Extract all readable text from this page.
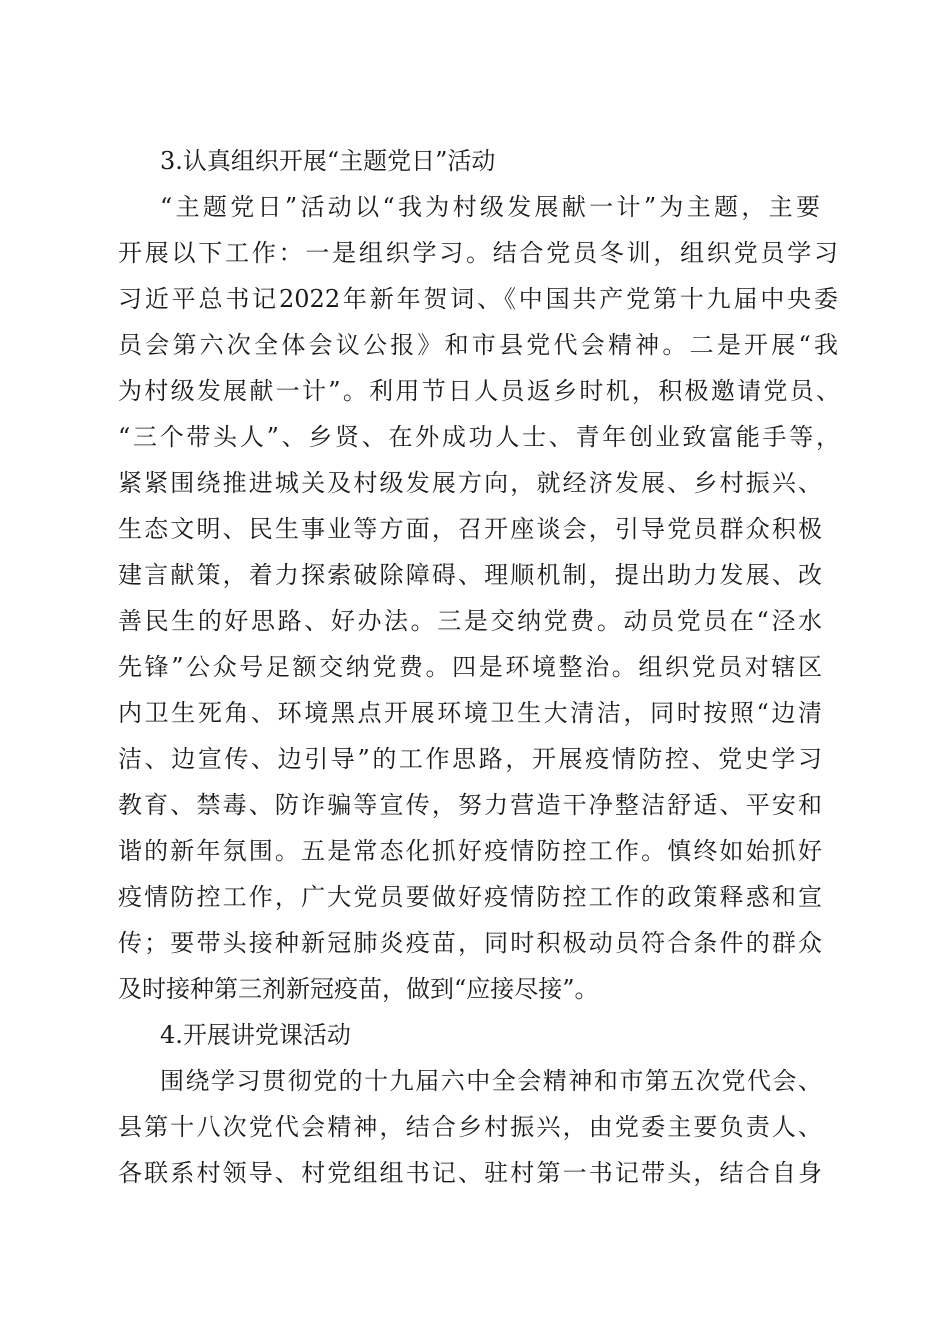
3.认真组织开展“主题党日”活动
“主题党日”活动以“我为村级发展献一计”为主题，主要
开展以下工作：一是组织学习。结合党员冬训，组织党员学习
习近平总书记2022年新年贺词、《中国共产党第十九届中央委
员会第六次全体会议公报》和市县党代会精神。二是开展“我
为村级发展献一计”。利用节日人员返乡时机，积极邀请党员、
“三个带头人”、乡贤、在外成功人士、青年创业致富能手等，
紧紧围绕推进城关及村级发展方向，就经济发展、乡村振兴、
生态文明、民生事业等方面，召开座谈会，引导党员群众积极
建言献策，着力探索破除障碍、理顺机制，提出助力发展、改
善民生的好思路、好办法。三是交纳党费。动员党员在“泾水
先锋”公众号足额交纳党费。四是环境整治。组织党员对辖区
内卫生死角、环境黑点开展环境卫生大清洁，同时按照“边清
洁、边宣传、边引导”的工作思路，开展疫情防控、党史学习
教育、禁毒、防诈骗等宣传，努力营造干净整洁舒适、平安和
谐的新年氛围。五是常态化抓好疫情防控工作。慎终如始抓好
疫情防控工作，广大党员要做好疫情防控工作的政策释惑和宣
传；要带头接种新冠肺炎疫苗，同时积极动员符合条件的群众
及时接种第三剂新冠疫苗，做到“应接尽接”。
4.开展讲党课活动
围绕学习贯彻党的十九届六中全会精神和市第五次党代会、
县第十八次党代会精神，结合乡村振兴，由党委主要负责人、
各联系村领导、村党组组书记、驻村第一书记带头，结合自身
